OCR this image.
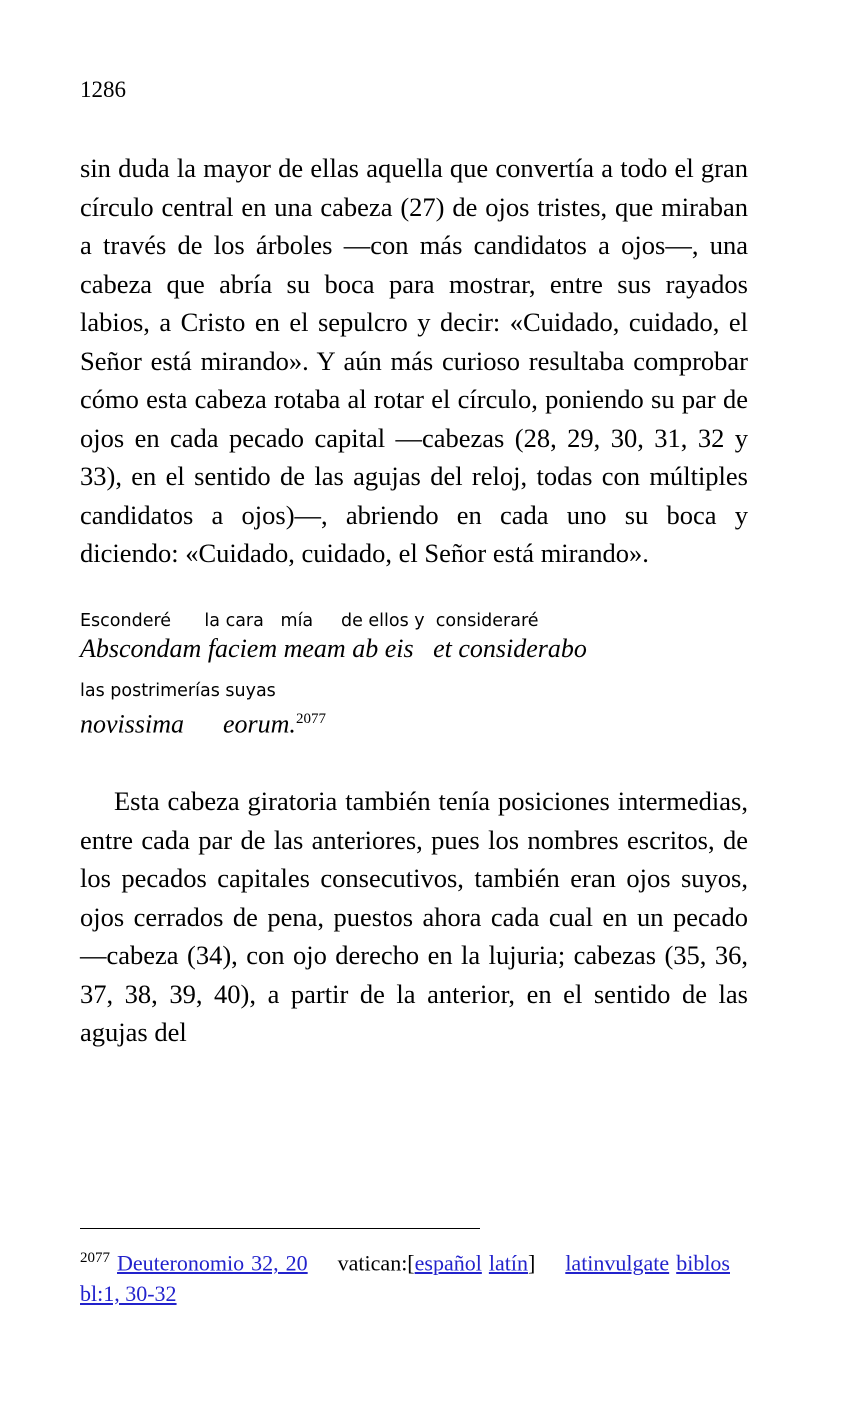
1286

sin duda la mayor de ellas aquella que convertía a todo el gran círculo central en una cabeza (27) de ojos tristes, que miraban a través de los árboles —con más candidatos a ojos—, una cabeza que abría su boca para mostrar, entre sus rayados labios, a Cristo en el sepulcro y decir: «Cuidado, cuidado, el Señor está mirando». Y aún más curioso resultaba comprobar cómo esta cabeza rotaba al rotar el círculo, poniendo su par de ojos en cada pecado capital —cabezas (28, 29, 30, 31, 32 y 33), en el sentido de las agujas del reloj, todas con múltiples candidatos a ojos)—, abriendo en cada uno su boca y diciendo: «Cuidado, cuidado, el Señor está mirando».

Esconderé      la cara   mía     de ellos y  consideraré
Abscondam faciem meam ab eis   et considerabo
las postrimerías suyas
novissima      eorum.$^{2077}$

Esta cabeza giratoria también tenía posiciones intermedias, entre cada par de las anteriores, pues los nombres escritos, de los pecados capitales consecutivos, también eran ojos suyos, ojos cerrados de pena, puestos ahora cada cual en un pecado —cabeza (34), con ojo derecho en la lujuria; cabezas (35, 36, 37, 38, 39, 40), a partir de la anterior, en el sentido de las agujas del

$^{2077}$ Deuteronomio 32, 20 vatican:[español latín] latinvulgate biblosbl:1, 30-32
